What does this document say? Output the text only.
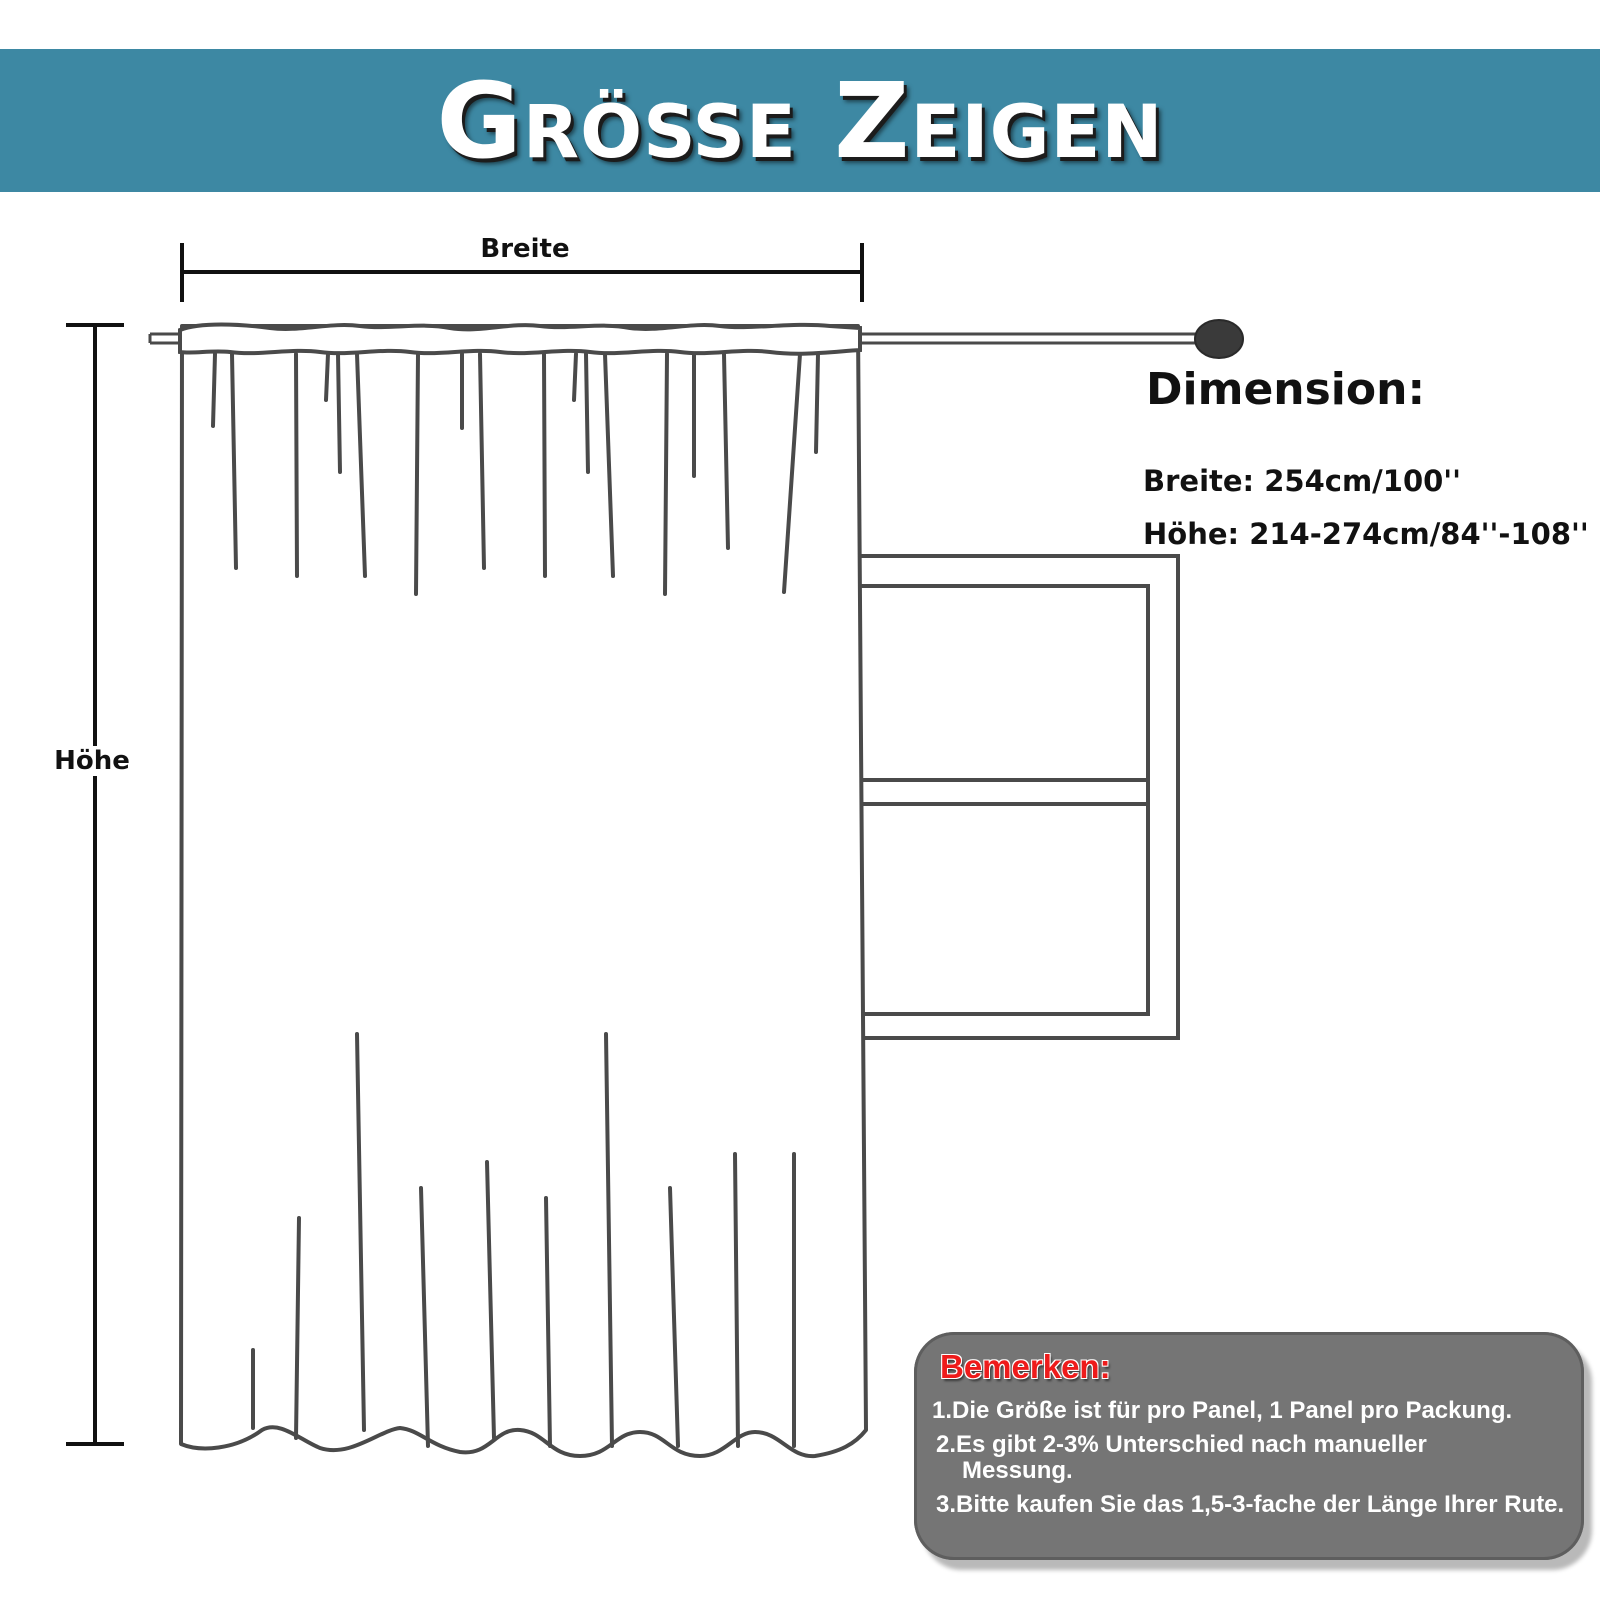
Größe Zeigen
Breite
Höhe
Dimension:
Breite: 254cm/100''
Höhe: 214-274cm/84''-108''
Bemerken:
1.Die Größe ist für pro Panel, 1 Panel pro Packung.
2.Es gibt 2-3% Unterschied nach manueller Messung.
3.Bitte kaufen Sie das 1,5-3-fache der Länge Ihrer Rute.
